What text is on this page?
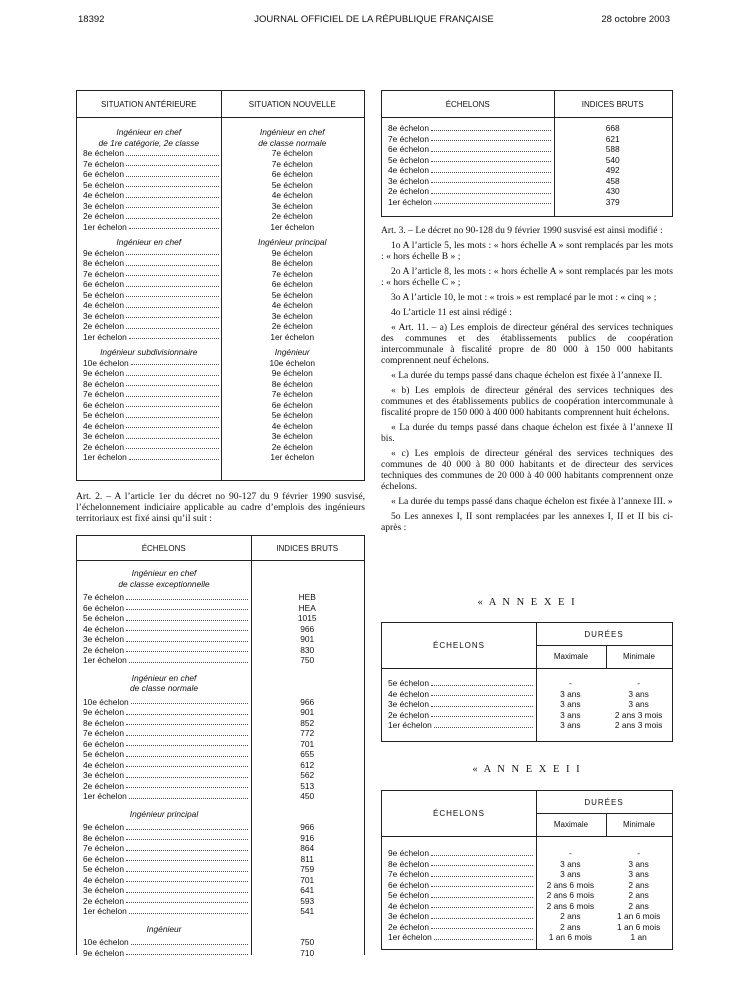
18392	JOURNAL OFFICIEL DE LA RÉPUBLIQUE FRANÇAISE	28 octobre 2003
SITUATION ANTÉRIEURE	SITUATION NOUVELLE
Ingénieur en chef
de 1re catégorie, 2e classe
Ingénieur en chef
de classe normale
8e échelon	7e échelon
7e échelon	7e échelon
6e échelon	6e échelon
5e échelon	5e échelon
4e échelon	4e échelon
3e échelon	3e échelon
2e échelon	2e échelon
1er échelon	1er échelon
Ingénieur en chef	Ingénieur principal
9e échelon	9e échelon
8e échelon	8e échelon
7e échelon	7e échelon
6e échelon	6e échelon
5e échelon	5e échelon
4e échelon	4e échelon
3e échelon	3e échelon
2e échelon	2e échelon
1er échelon	1er échelon
Ingénieur subdivisionnaire	Ingénieur
10e échelon	10e échelon
9e échelon	9e échelon
8e échelon	8e échelon
7e échelon	7e échelon
6e échelon	6e échelon
5e échelon	5e échelon
4e échelon	4e échelon
3e échelon	3e échelon
2e échelon	2e échelon
1er échelon	1er échelon
Art. 2. – A l’article 1er du décret no 90-127 du 9 février 1990 susvisé, l’échelonnement indiciaire applicable au cadre d’emplois des ingénieurs territoriaux est fixé ainsi qu’il suit :
ÉCHELONS	INDICES BRUTS
Ingénieur en chef
de classe exceptionnelle
7e échelon	HEB
6e échelon	HEA
5e échelon	1015
4e échelon	966
3e échelon	901
2e échelon	830
1er échelon	750
Ingénieur en chef
de classe normale
10e échelon	966
9e échelon	901
8e échelon	852
7e échelon	772
6e échelon	701
5e échelon	655
4e échelon	612
3e échelon	562
2e échelon	513
1er échelon	450
Ingénieur principal
9e échelon	966
8e échelon	916
7e échelon	864
6e échelon	811
5e échelon	759
4e échelon	701
3e échelon	641
2e échelon	593
1er échelon	541
Ingénieur
10e échelon	750
9e échelon	710
ÉCHELONS	INDICES BRUTS
8e échelon	668
7e échelon	621
6e échelon	588
5e échelon	540
4e échelon	492
3e échelon	458
2e échelon	430
1er échelon	379
Art. 3. – Le décret no 90-128 du 9 février 1990 susvisé est ainsi modifié :
1o A l’article 5, les mots : « hors échelle A » sont remplacés par les mots : « hors échelle B » ;
2o A l’article 8, les mots : « hors échelle A » sont remplacés par les mots : « hors échelle C » ;
3o A l’article 10, le mot : « trois » est remplacé par le mot : « cinq » ;
4o L’article 11 est ainsi rédigé :
« Art. 11. – a) Les emplois de directeur général des services techniques des communes et des établissements publics de coopération intercommunale à fiscalité propre de 80 000 à 150 000 habitants comprennent neuf échelons.
« La durée du temps passé dans chaque échelon est fixée à l’annexe II.
« b) Les emplois de directeur général des services techniques des communes et des établissements publics de coopération intercommunale à fiscalité propre de 150 000 à 400 000 habitants comprennent huit échelons.
« La durée du temps passé dans chaque échelon est fixée à l’annexe II bis.
« c) Les emplois de directeur général des services techniques des communes de 40 000 à 80 000 habitants et de directeur des services techniques des communes de 20 000 à 40 000 habitants comprennent onze échelons.
« La durée du temps passé dans chaque échelon est fixée à l’annexe III. »
5o Les annexes I, II sont remplacées par les annexes I, II et II bis ci-après :
« A N N E X E I
DURÉES
Maximale	Minimale
ÉCHELONS
5e échelon	-	-
4e échelon	3 ans	3 ans
3e échelon	3 ans	3 ans
2e échelon	3 ans	2 ans 3 mois
1er échelon	3 ans	2 ans 3 mois
« A N N E X E I I
DURÉES
Maximale	Minimale
ÉCHELONS
9e échelon	-	-
8e échelon	3 ans	3 ans
7e échelon	3 ans	3 ans
6e échelon	2 ans 6 mois	2 ans
5e échelon	2 ans 6 mois	2 ans
4e échelon	2 ans 6 mois	2 ans
3e échelon	2 ans	1 an 6 mois
2e échelon	2 ans	1 an 6 mois
1er échelon	1 an 6 mois	1 an
